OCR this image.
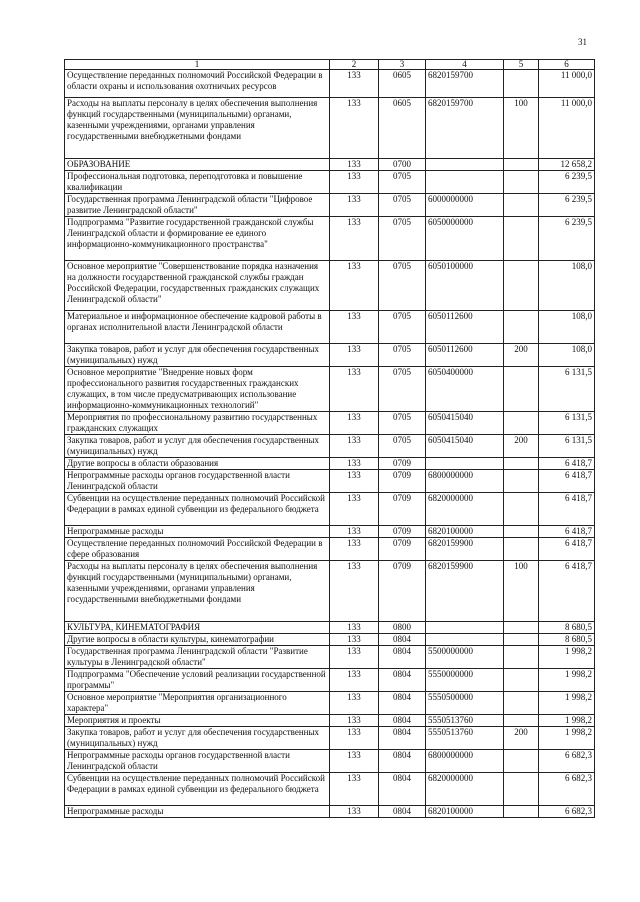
31
1	2	3	4	5	6
Осуществление переданных полномочий Российской Федерации в области охраны и использования охотничьих ресурсов	133	0605	6820159700		11 000,0
Расходы на выплаты персоналу в целях обеспечения выполнения функций государственными (муниципальными) органами, казенными учреждениями, органами управления государственными внебюджетными фондами	133	0605	6820159700	100	11 000,0
ОБРАЗОВАНИЕ	133	0700			12 658,2
Профессиональная подготовка, переподготовка и повышение квалификации	133	0705			6 239,5
Государственная программа Ленинградской области "Цифровое развитие Ленинградской области"	133	0705	6000000000		6 239,5
Подпрограмма "Развитие государственной гражданской службы Ленинградской области и формирование ее единого информационно-коммуникационного пространства"	133	0705	6050000000		6 239,5
Основное мероприятие "Совершенствование порядка назначения на должности государственной гражданской службы граждан Российской Федерации, государственных гражданских служащих Ленинградской области"	133	0705	6050100000		108,0
Материальное и информационное обеспечение кадровой работы в органах исполнительной власти Ленинградской области	133	0705	6050112600		108,0
Закупка товаров, работ и услуг для обеспечения государственных (муниципальных) нужд	133	0705	6050112600	200	108,0
Основное мероприятие "Внедрение новых форм профессионального развития государственных гражданских служащих, в том числе предусматривающих использование информационно-коммуникационных технологий"	133	0705	6050400000		6 131,5
Мероприятия по профессиональному развитию государственных гражданских служащих	133	0705	6050415040		6 131,5
Закупка товаров, работ и услуг для обеспечения государственных (муниципальных) нужд	133	0705	6050415040	200	6 131,5
Другие вопросы в области образования	133	0709			6 418,7
Непрограммные расходы органов государственной власти Ленинградской области	133	0709	6800000000		6 418,7
Субвенции на осуществление переданных полномочий Российской Федерации в рамках единой субвенции из федерального бюджета	133	0709	6820000000		6 418,7
Непрограммные расходы	133	0709	6820100000		6 418,7
Осуществление переданных полномочий Российской Федерации в сфере образования	133	0709	6820159900		6 418,7
Расходы на выплаты персоналу в целях обеспечения выполнения функций государственными (муниципальными) органами, казенными учреждениями, органами управления государственными внебюджетными фондами	133	0709	6820159900	100	6 418,7
КУЛЬТУРА, КИНЕМАТОГРАФИЯ	133	0800			8 680,5
Другие вопросы в области культуры, кинематографии	133	0804			8 680,5
Государственная программа Ленинградской области "Развитие культуры в Ленинградской области"	133	0804	5500000000		1 998,2
Подпрограмма "Обеспечение условий реализации государственной программы"	133	0804	5550000000		1 998,2
Основное мероприятие "Мероприятия организационного характера"	133	0804	5550500000		1 998,2
Мероприятия и проекты	133	0804	5550513760		1 998,2
Закупка товаров, работ и услуг для обеспечения государственных (муниципальных) нужд	133	0804	5550513760	200	1 998,2
Непрограммные расходы органов государственной власти Ленинградской области	133	0804	6800000000		6 682,3
Субвенции на осуществление переданных полномочий Российской Федерации в рамках единой субвенции из федерального бюджета	133	0804	6820000000		6 682,3
Непрограммные расходы	133	0804	6820100000		6 682,3
